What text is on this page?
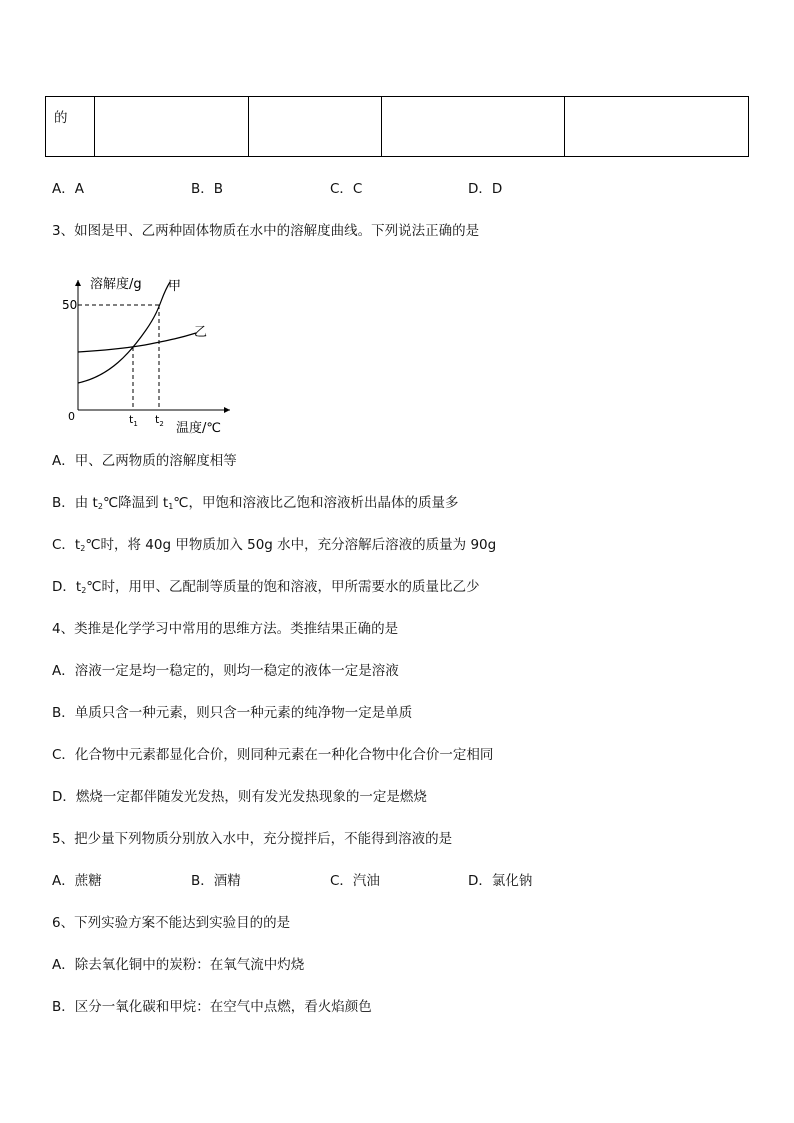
的				
A．A	B．B	C．C	D．D
3、如图是甲、乙两种固体物质在水中的溶解度曲线。下列说法正确的是
溶解度/g 甲
乙
50
0	$t_1$ $t_2$ 温度/℃
A．甲、乙两物质的溶解度相等
B．由 $t_2℃$降温到 $t_1℃$，甲饱和溶液比乙饱和溶液析出晶体的质量多
C．$t_2℃$时，将 40g 甲物质加入 50g 水中，充分溶解后溶液的质量为 90g
D．$t_2℃$时，用甲、乙配制等质量的饱和溶液，甲所需要水的质量比乙少
4、类推是化学学习中常用的思维方法。类推结果正确的是
A．溶液一定是均一稳定的，则均一稳定的液体一定是溶液
B．单质只含一种元素，则只含一种元素的纯净物一定是单质
C．化合物中元素都显化合价，则同种元素在一种化合物中化合价一定相同
D．燃烧一定都伴随发光发热，则有发光发热现象的一定是燃烧
5、把少量下列物质分别放入水中，充分搅拌后，不能得到溶液的是
A．蔗糖	B．酒精	C．汽油	D．氯化钠
6、下列实验方案不能达到实验目的的是
A．除去氧化铜中的炭粉：在氧气流中灼烧
B．区分一氧化碳和甲烷：在空气中点燃，看火焰颜色
